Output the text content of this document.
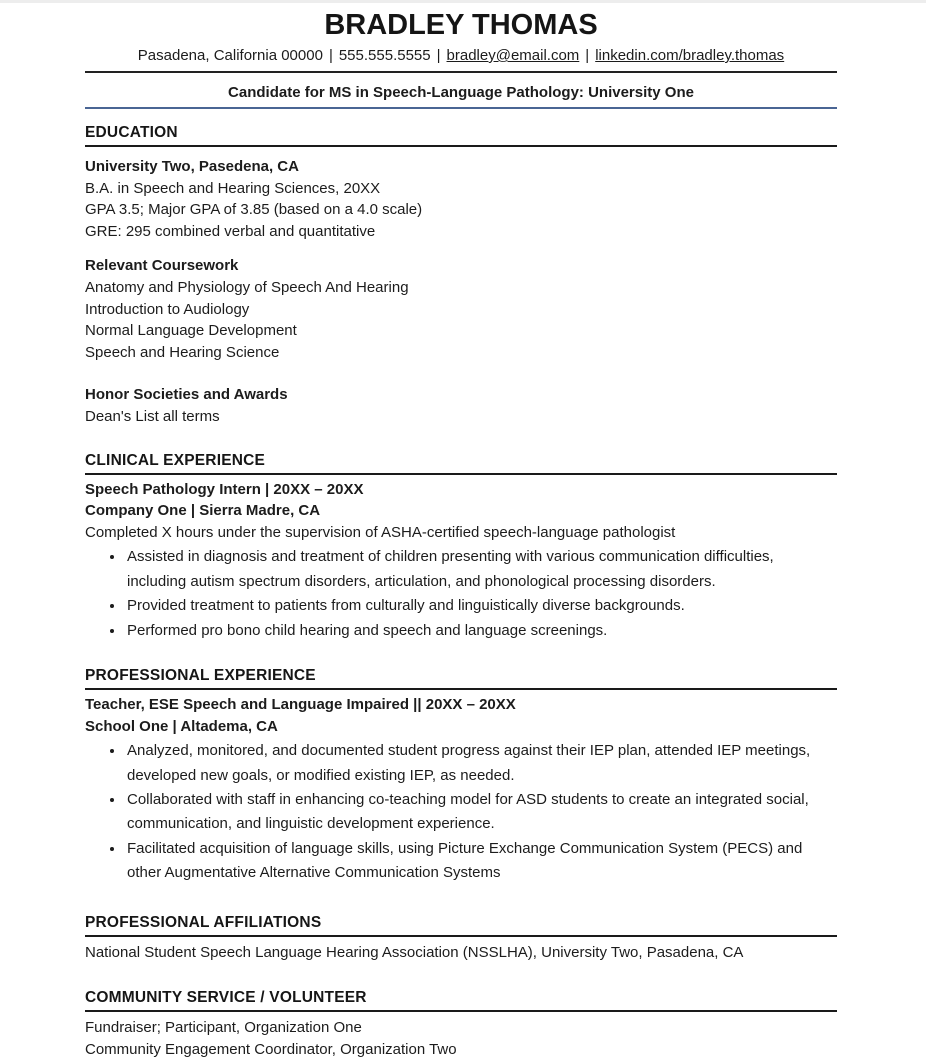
BRADLEY THOMAS
Pasadena, California 00000 | 555.555.5555 | bradley@email.com | linkedin.com/bradley.thomas
Candidate for MS in Speech-Language Pathology: University One
EDUCATION

University Two, Pasedena, CA

B.A. in Speech and Hearing Sciences, 20XX

GPA 3.5; Major GPA of 3.85 (based on a 4.0 scale)

GRE: 295 combined verbal and quantitative

Relevant Coursework

Anatomy and Physiology of Speech And Hearing

Introduction to Audiology

Normal Language Development

Speech and Hearing Science

Honor Societies and Awards

Dean's List all terms

CLINICAL EXPERIENCE

Speech Pathology Intern | 20XX – 20XX

Company One | Sierra Madre, CA

Completed X hours under the supervision of ASHA-certified speech-language pathologist

• Assisted in diagnosis and treatment of children presenting with various communication difficulties, including autism spectrum disorders, articulation, and phonological processing disorders.
• Provided treatment to patients from culturally and linguistically diverse backgrounds.
• Performed pro bono child hearing and speech and language screenings.
PROFESSIONAL EXPERIENCE

Teacher, ESE Speech and Language Impaired || 20XX – 20XX

School One | Altadema, CA

• Analyzed, monitored, and documented student progress against their IEP plan, attended IEP meetings, developed new goals, or modified existing IEP, as needed.
• Collaborated with staff in enhancing co-teaching model for ASD students to create an integrated social, communication, and linguistic development experience.
• Facilitated acquisition of language skills, using Picture Exchange Communication System (PECS) and other Augmentative Alternative Communication Systems
PROFESSIONAL AFFILIATIONS

National Student Speech Language Hearing Association (NSSLHA), University Two, Pasadena, CA

COMMUNITY SERVICE / VOLUNTEER

Fundraiser; Participant, Organization One

Community Engagement Coordinator, Organization Two
